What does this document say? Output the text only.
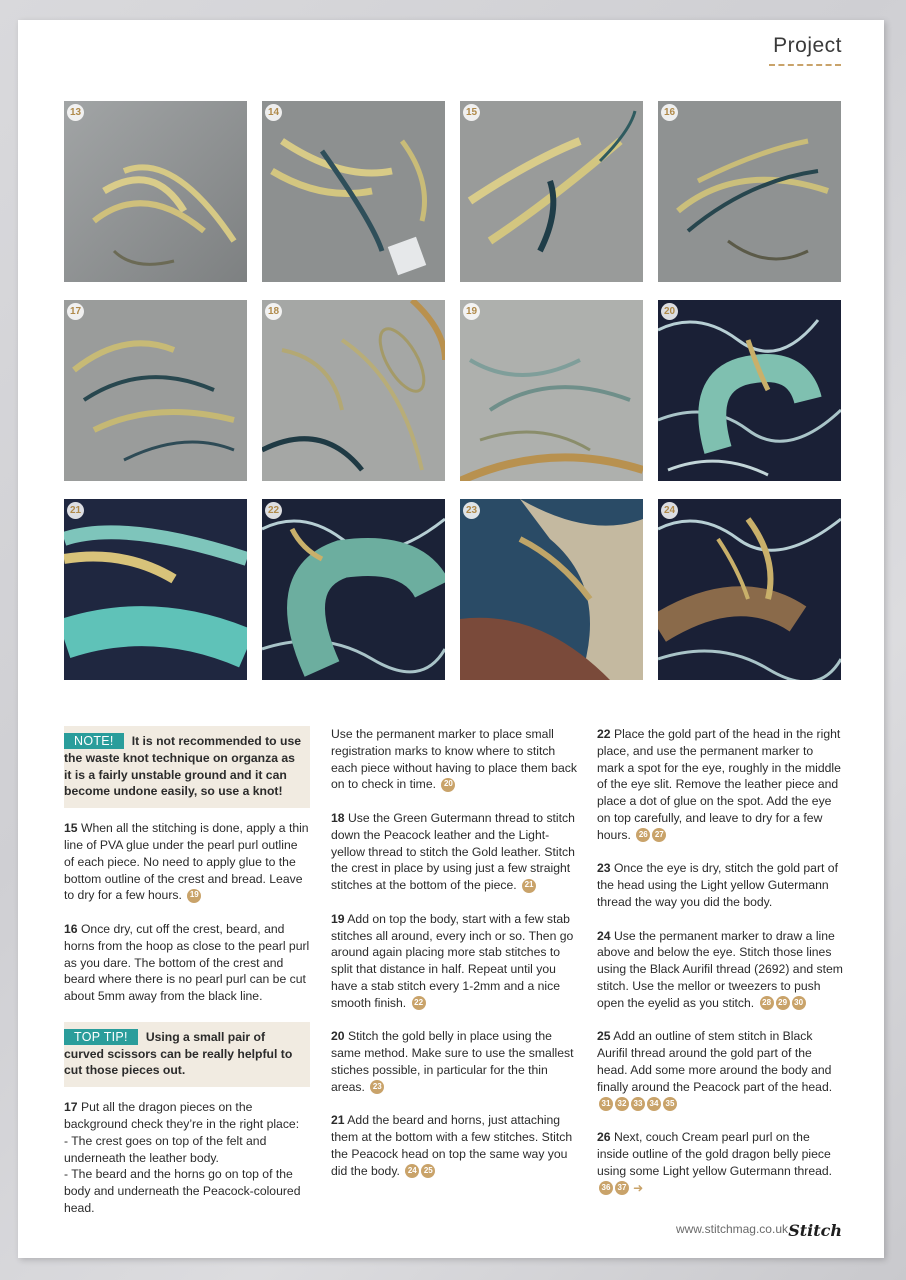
Project
13	14	15	16
17	18	19	20
21	22	23	24
NOTE! It is not recommended to use the waste knot technique on organza as it is a fairly unstable ground and it can become undone easily, so use a knot!

15 When all the stitching is done, apply a thin line of PVA glue under the pearl purl outline of each piece. No need to apply glue to the bottom outline of the crest and bread. Leave to dry for a few hours. 19

16 Once dry, cut off the crest, beard, and horns from the hoop as close to the pearl purl as you dare. The bottom of the crest and beard where there is no pearl purl can be cut about 5mm away from the black line.

TOP TIP! Using a small pair of curved scissors can be really helpful to cut those pieces out.

17 Put all the dragon pieces on the background check they’re in the right place:
- The crest goes on top of the felt and underneath the leather body.
- The beard and the horns go on top of the body and underneath the Peacock-coloured head.

Use the permanent marker to place small registration marks to know where to stitch each piece without having to place them back on to check in time. 20

18 Use the Green Gutermann thread to stitch down the Peacock leather and the Light-yellow thread to stitch the Gold leather. Stitch the crest in place by using just a few straight stitches at the bottom of the piece. 21

19 Add on top the body, start with a few stab stitches all around, every inch or so. Then go around again placing more stab stitches to split that distance in half. Repeat until you have a stab stitch every 1-2mm and a nice smooth finish. 22

20 Stitch the gold belly in place using the same method. Make sure to use the smallest stiches possible, in particular for the thin areas. 23

21 Add the beard and horns, just attaching them at the bottom with a few stitches. Stitch the Peacock head on top the same way you did the body. 24 25

22 Place the gold part of the head in the right place, and use the permanent marker to mark a spot for the eye, roughly in the middle of the eye slit. Remove the leather piece and place a dot of glue on the spot. Add the eye on top carefully, and leave to dry for a few hours. 26 27

23 Once the eye is dry, stitch the gold part of the head using the Light yellow Gutermann thread the way you did the body.

24 Use the permanent marker to draw a line above and below the eye. Stitch those lines using the Black Aurifil thread (2692) and stem stitch. Use the mellor or tweezers to push open the eyelid as you stitch. 28 29 30

25 Add an outline of stem stitch in Black Aurifil thread around the gold part of the head. Add some more around the body and finally around the Peacock part of the head.
31 32 33 34 35

26 Next, couch Cream pearl purl on the inside outline of the gold dragon belly piece using some Light yellow Gutermann thread.
36 37 ➜

www.stitchmag.co.uk Stitch
